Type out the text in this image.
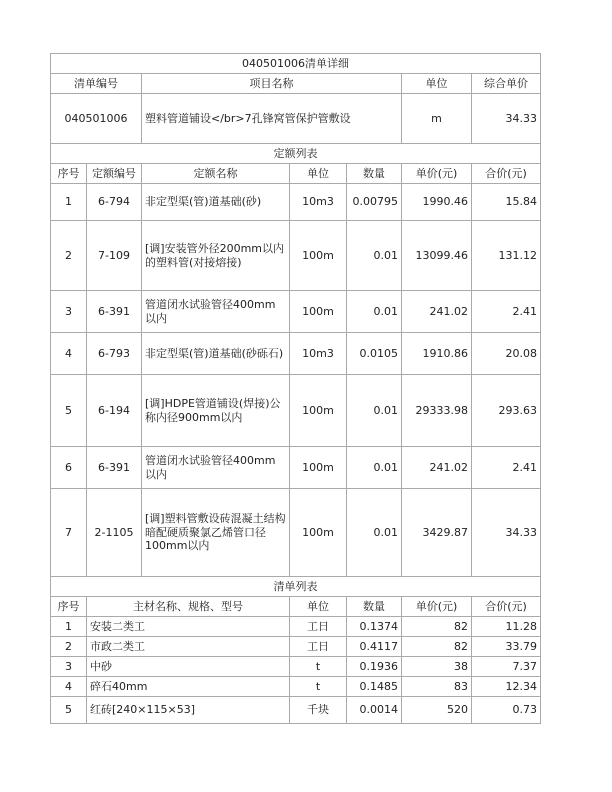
040501006清单详细						
清单编号		项目名称			单位	综合单价
040501006		塑料管道铺设</br>7孔锋窝管保护管敷设			m	34.33
定额列表						
序号	定额编号	定额名称	单位	数量	单价(元)	合价(元)
1	6-794	非定型渠(管)道基础(砂)	10m3	0.00795	1990.46	15.84
2	7-109	[调]安装管外径200mm以内的塑料管(对接熔接)	100m	0.01	13099.46	131.12
3	6-391	管道闭水试验管径400mm以内	100m	0.01	241.02	2.41
4	6-793	非定型渠(管)道基础(砂砾石)	10m3	0.0105	1910.86	20.08
5	6-194	[调]HDPE管道铺设(焊接)公称内径900mm以内	100m	0.01	29333.98	293.63
6	6-391	管道闭水试验管径400mm以内	100m	0.01	241.02	2.41
7	2-1105	[调]塑料管敷设砖混凝土结构暗配硬质聚氯乙烯管口径100mm以内	100m	0.01	3429.87	34.33
清单列表						
序号	主材名称、规格、型号		单位	数量	单价(元)	合价(元)
1	安装二类工		工日	0.1374	82	11.28
2	市政二类工		工日	0.4117	82	33.79
3	中砂		t	0.1936	38	7.37
4	碎石40mm		t	0.1485	83	12.34
5	红砖[240×115×53]		千块	0.0014	520	0.73
